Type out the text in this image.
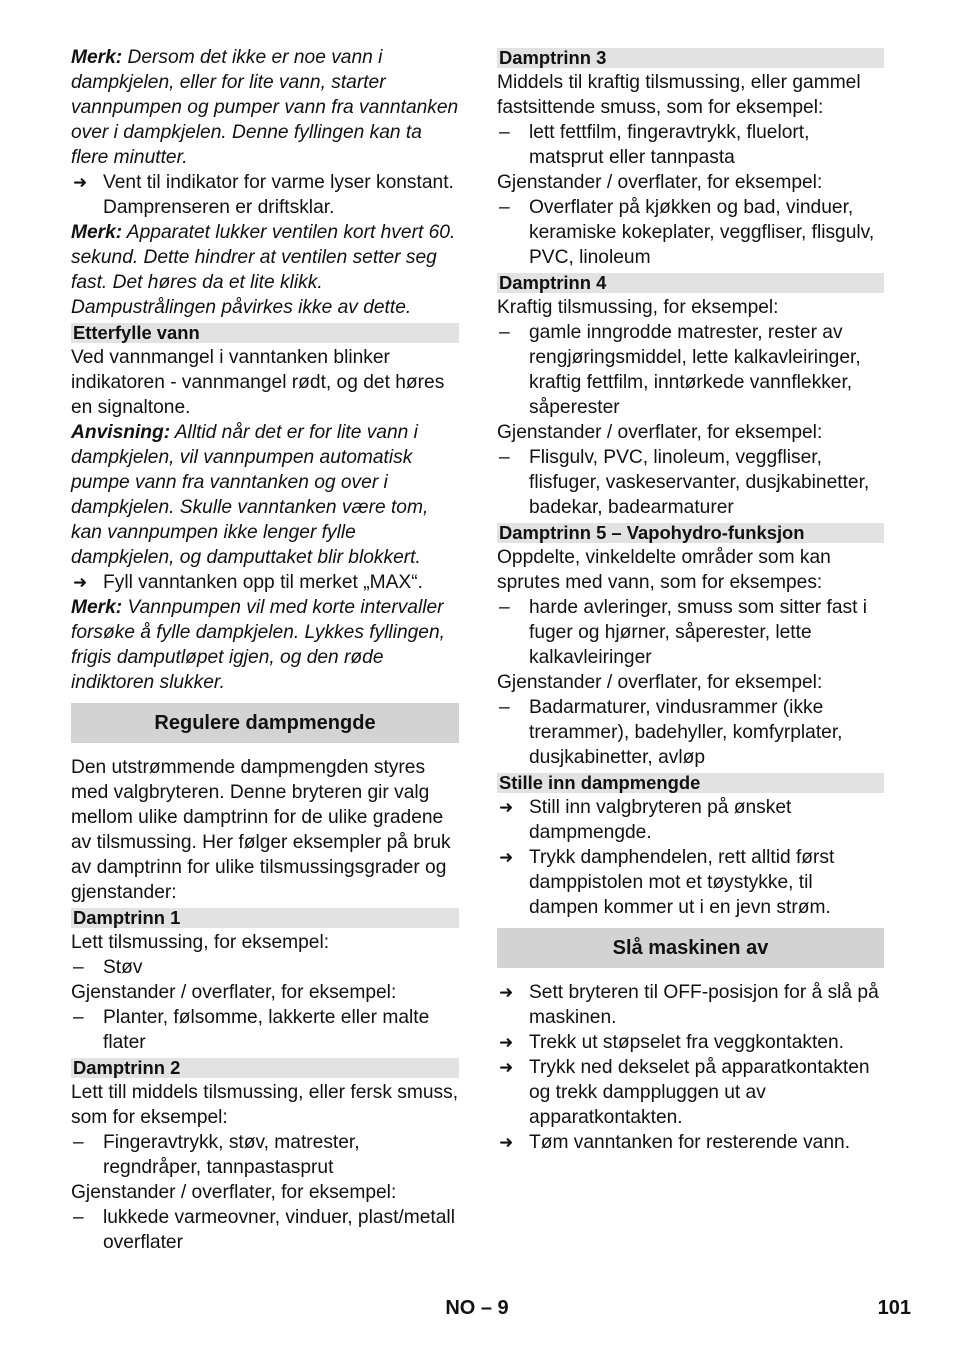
Merk: Dersom det ikke er noe vann i dampkjelen, eller for lite vann, starter vannpumpen og pumper vann fra vanntanken over i dampkjelen. Denne fyllingen kan ta flere minutter.

➜ Vent til indikator for varme lyser konstant.

Damprenseren er driftsklar.

Merk: Apparatet lukker ventilen kort hvert 60. sekund. Dette hindrer at ventilen setter seg fast. Det høres da et lite klikk. Dampustrålingen påvirkes ikke av dette.

Etterfylle vann

Ved vannmangel i vanntanken blinker indikatoren - vannmangel rødt, og det høres en signaltone.

Anvisning: Alltid når det er for lite vann i dampkjelen, vil vannpumpen automatisk pumpe vann fra vanntanken og over i dampkjelen. Skulle vanntanken være tom, kan vannpumpen ikke lenger fylle dampkjelen, og damputtaket blir blokkert.

➜ Fyll vanntanken opp til merket „MAX“.

Merk: Vannpumpen vil med korte intervaller forsøke å fylle dampkjelen. Lykkes fyllingen, frigis damputløpet igjen, og den røde indiktoren slukker.

Regulere dampmengde

Den utstrømmende dampmengden styres med valgbryteren. Denne bryteren gir valg mellom ulike damptrinn for de ulike gradene av tilsmussing. Her følger eksempler på bruk av damptrinn for ulike tilsmussingsgrader og gjenstander:

Damptrinn 1

Lett tilsmussing, for eksempel:

– Støv

Gjenstander / overflater, for eksempel:

– Planter, følsomme, lakkerte eller malte flater

Damptrinn 2

Lett till middels tilsmussing, eller fersk smuss, som for eksempel:

– Fingeravtrykk, støv, matrester, regndråper, tannpastasprut

Gjenstander / overflater, for eksempel:

– lukkede varmeovner, vinduer, plast/metall overflater

Damptrinn 3

Middels til kraftig tilsmussing, eller gammel fastsittende smuss, som for eksempel:

– lett fettfilm, fingeravtrykk, fluelort, matsprut eller tannpasta

Gjenstander / overflater, for eksempel:

– Overflater på kjøkken og bad, vinduer, keramiske kokeplater, veggfliser, flisgulv, PVC, linoleum

Damptrinn 4

Kraftig tilsmussing, for eksempel:

– gamle inngrodde matrester, rester av rengjøringsmiddel, lette kalkavleiringer, kraftig fettfilm, inntørkede vannflekker, såperester

Gjenstander / overflater, for eksempel:

– Flisgulv, PVC, linoleum, veggfliser, flisfuger, vaskeservanter, dusjkabinetter, badekar, badearmaturer

Damptrinn 5 – Vapohydro-funksjon

Oppdelte, vinkeldelte områder som kan sprutes med vann, som for eksempes:

– harde avleringer, smuss som sitter fast i fuger og hjørner, såperester, lette kalkavleiringer

Gjenstander / overflater, for eksempel:

– Badarmaturer, vindusrammer (ikke trerammer), badehyller, komfyrplater, dusjkabinetter, avløp

Stille inn dampmengde

➜ Still inn valgbryteren på ønsket dampmengde.

➜ Trykk damphendelen, rett alltid først damppistolen mot et tøystykke, til dampen kommer ut i en jevn strøm.

Slå maskinen av

➜ Sett bryteren til OFF-posisjon for å slå på maskinen.

➜ Trekk ut støpselet fra veggkontakten.

➜ Trykk ned dekselet på apparatkontakten og trekk damppluggen ut av apparatkontakten.

➜ Tøm vanntanken for resterende vann.

NO – 9	101
